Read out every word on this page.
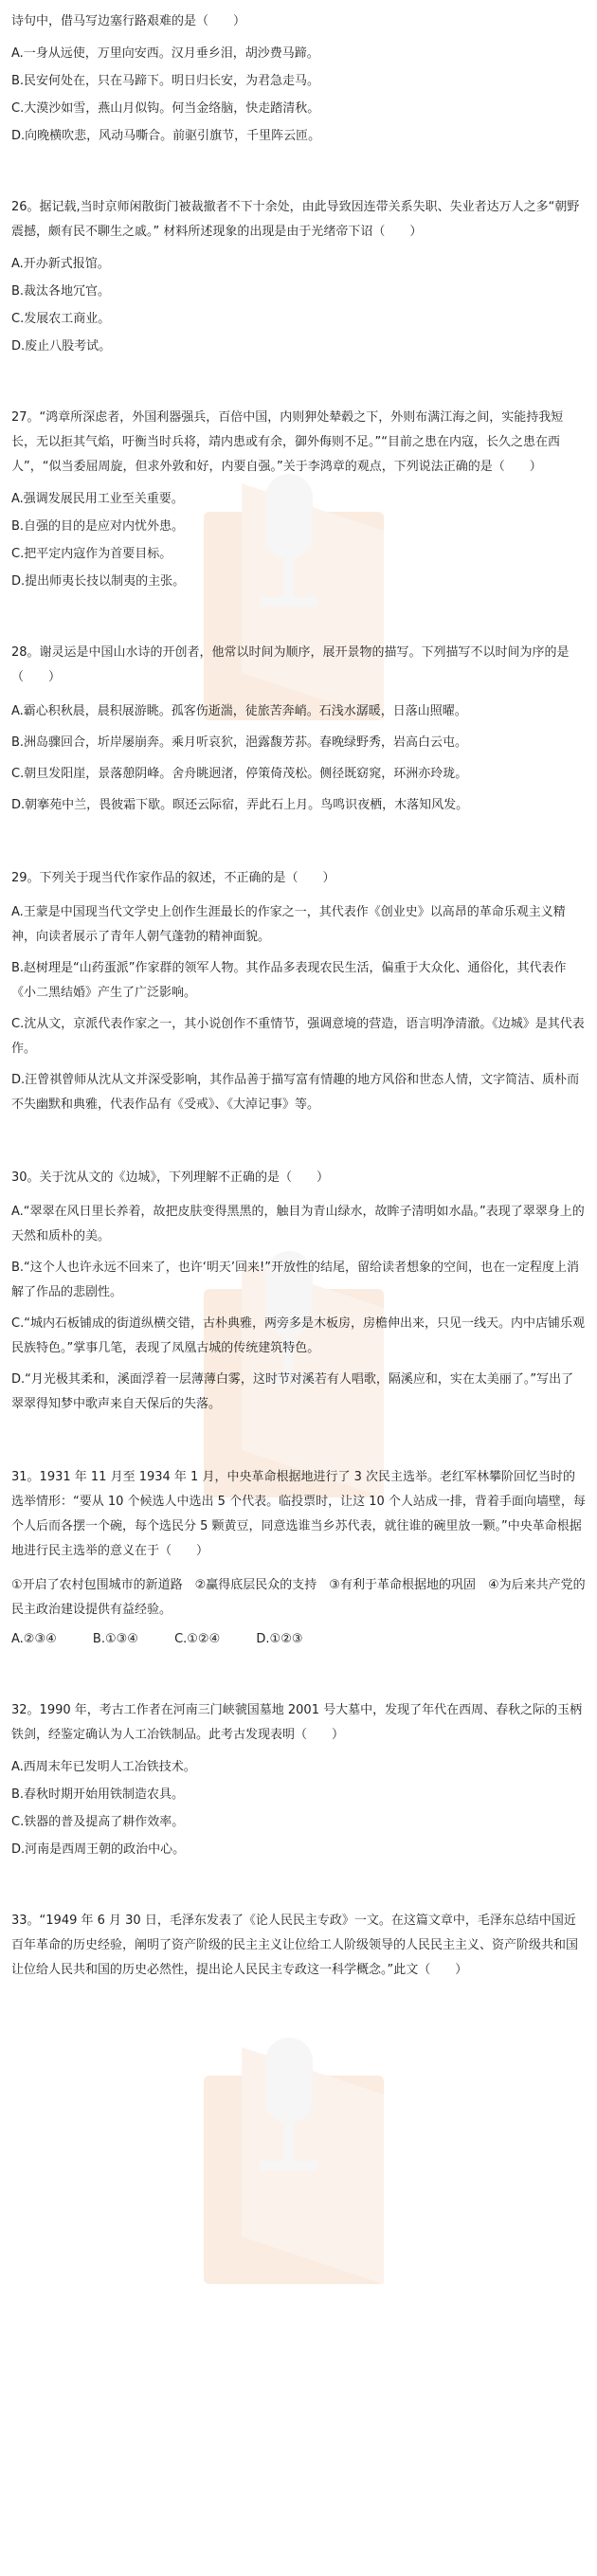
诗句中，借马写边塞行路艰难的是（　　）

A.一身从远使，万里向安西。汉月垂乡泪，胡沙费马蹄。

B.民安何处在，只在马蹄下。明日归长安，为君急走马。

C.大漠沙如雪，燕山月似钩。何当金络脑，快走踏清秋。

D.向晚横吹悲，风动马嘶合。前驱引旗节，千里阵云匝。

26。据记载,当时京师闲散街门被裁撤者不下十余处，由此导致因连带关系失职、失业者达万人之多“朝野震撼，颇有民不聊生之戚。” 材料所述现象的出现是由于光绪帝下诏（　　）

A.开办新式报馆。

B.裁汰各地冗官。

C.发展农工商业。

D.废止八股考试。

27。“鸿章所深虑者，外国利器强兵，百倍中国，内则狎处辇毂之下，外则布满江海之间，实能持我短长，无以拒其气焰，吁衡当时兵将，靖内患或有余，御外侮则不足。”“目前之患在内寇，长久之患在西人”，“似当委屈周旋，但求外敦和好，内要自强。”关于李鸿章的观点，下列说法正确的是（　　）

A.强调发展民用工业至关重要。

B.自强的目的是应对内忧外患。

C.把平定内寇作为首要目标。

D.提出师夷长技以制夷的主张。

28。谢灵运是中国山水诗的开创者，他常以时间为顺序，展开景物的描写。下列描写不以时间为序的是（　　）

A.霸心积秋晨，晨积展游眺。孤客伤逝湍，徒旅苦奔峭。石浅水潺暖，日落山照曜。

B.洲岛骤回合，圻岸屡崩奔。乘月听哀狖，浥露馥芳荪。春晚绿野秀，岩高白云屯。

C.朝旦发阳崖，景落憩阴峰。舍舟眺迥渚，停策倚茂松。侧径既窈窕，环洲亦玲珑。

D.朝搴苑中兰，畏彼霜下歇。暝还云际宿，弄此石上月。鸟鸣识夜栖，木落知风发。

29。下列关于现当代作家作品的叙述，不正确的是（　　）

A.王蒙是中国现当代文学史上创作生涯最长的作家之一，其代表作《创业史》以高昂的革命乐观主义精神，向读者展示了青年人朝气蓬勃的精神面貌。

B.赵树理是“山药蛋派”作家群的领军人物。其作品多表现农民生活，偏重于大众化、通俗化，其代表作《小二黑结婚》产生了广泛影响。

C.沈从文，京派代表作家之一，其小说创作不重情节，强调意境的营造，语言明净清澈。《边城》是其代表作。

D.汪曾祺曾师从沈从文并深受影响，其作品善于描写富有情趣的地方风俗和世态人情，文字简洁、质朴而不失幽默和典雅，代表作品有《受戒》、《大淖记事》等。

30。关于沈从文的《边城》，下列理解不正确的是（　　）

A.“翠翠在风日里长养着，故把皮肤变得黑黑的，触目为青山绿水，故眸子清明如水晶。”表现了翠翠身上的天然和质朴的美。

B.“这个人也许永远不回来了，也许‘明天’回来!”开放性的结尾，留给读者想象的空间，也在一定程度上消解了作品的悲剧性。

C.“城内石板铺成的街道纵横交错，古朴典雅，两旁多是木板房，房檐伸出来，只见一线天。内中店铺乐观民族特色。”掌事几笔，表现了凤凰古城的传统建筑特色。

D.“月光极其柔和，溪面浮着一层薄薄白雾，这时节对溪若有人唱歌，隔溪应和，实在太美丽了。”写出了翠翠得知梦中歌声来自天保后的失落。

31。1931 年 11 月至 1934 年 1 月，中央革命根据地进行了 3 次民主选举。老红军林攀阶回忆当时的选举情形：“要从 10 个候选人中选出 5 个代表。临投票时，让这 10 个人站成一排，背着手面向墙壁，每个人后而各摆一个碗，每个选民分 5 颗黄豆，同意选谁当乡苏代表，就往谁的碗里放一颗。”中央革命根据地进行民主选举的意义在于（　　）

①开启了农村包围城市的新道路　②赢得底层民众的支持　③有利于革命根据地的巩固　④为后来共产党的民主政治建设提供有益经验。

A.②③④	B.①③④	C.①②④	D.①②③

32。1990 年，考古工作者在河南三门峡虢国墓地 2001 号大墓中，发现了年代在西周、春秋之际的玉柄铁剑，经鉴定确认为人工冶铁制品。此考古发现表明（　　）

A.西周末年已发明人工冶铁技术。

B.春秋时期开始用铁制造农具。

C.铁器的普及提高了耕作效率。

D.河南是西周王朝的政治中心。

33。“1949 年 6 月 30 日，毛泽东发表了《论人民民主专政》一文。在这篇文章中，毛泽东总结中国近百年革命的历史经验，阐明了资产阶级的民主主义让位给工人阶级领导的人民民主主义、资产阶级共和国让位给人民共和国的历史必然性，提出论人民民主专政这一科学概念。”此文（　　）
